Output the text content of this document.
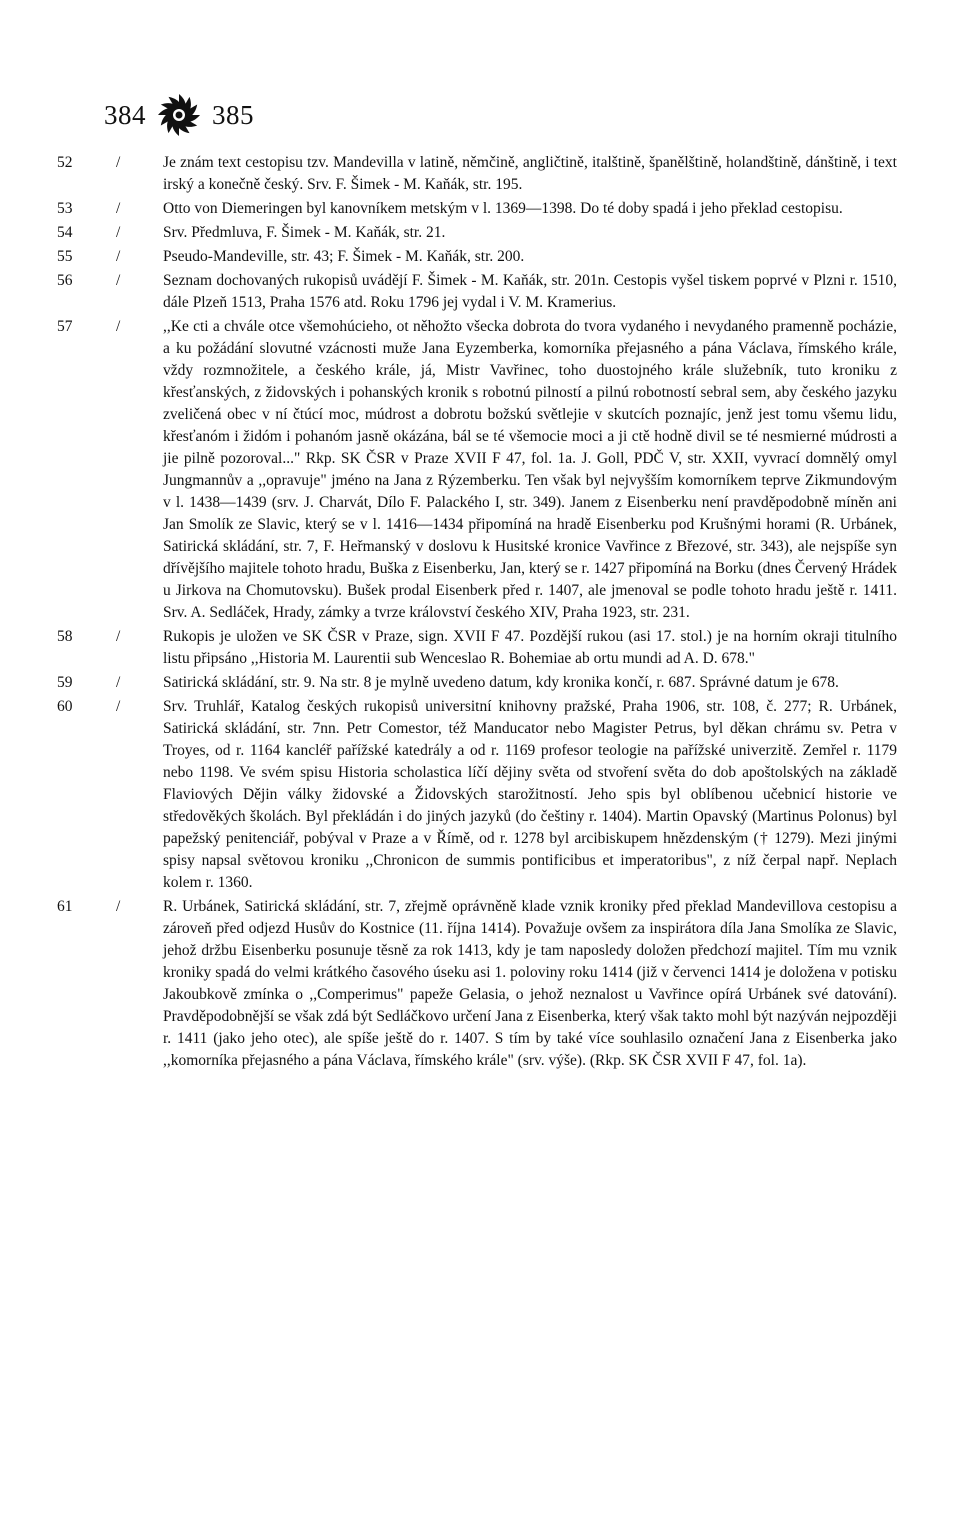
384 385
52	/	Je znám text cestopisu tzv. Mandevilla v latině, němčině, angličtině, italštině, španělštině, holandštině, dánštině, i text irský a konečně český. Srv. F. Šimek - M. Kaňák, str. 195.
53	/	Otto von Diemeringen byl kanovníkem metským v l. 1369—1398. Do té doby spadá i jeho překlad cestopisu.
54	/	Srv. Předmluva, F. Šimek - M. Kaňák, str. 21.
55	/	Pseudo-Mandeville, str. 43; F. Šimek - M. Kaňák, str. 200.
56	/	Seznam dochovaných rukopisů uvádějí F. Šimek - M. Kaňák, str. 201n. Cestopis vyšel tiskem poprvé v Plzni r. 1510, dále Plzeň 1513, Praha 1576 atd. Roku 1796 jej vydal i V. M. Kramerius.
57	/	,,Ke cti a chvále otce všemohúcieho, ot něhožto všecka dobrota do tvora vydaného i nevydaného pramenně pocházie, a ku požádání slovutné vzácnosti muže Jana Eyzemberka, komorníka přejasného a pána Václava, římského krále, vždy rozmnožitele, a českého krále, já, Mistr Vavřinec, toho duostojného krále služebník, tuto kroniku z křesťanských, z židovských i pohanských kronik s robotnú pilností a pilnú robotností sebral sem, aby českého jazyku zveličená obec v ní čtúcí moc, múdrost a dobrotu božskú světlejie v skutcích poznajíc, jenž jest tomu všemu lidu, křesťanóm i židóm i pohanóm jasně okázána, bál se té všemocie moci a ji ctě hodně divil se té nesmierné múdrosti a jie pilně pozoroval..." Rkp. SK ČSR v Praze XVII F 47, fol. 1a. J. Goll, PDČ V, str. XXII, vyvrací domnělý omyl Jungmannův a ,,opravuje" jméno na Jana z Rýzemberku. Ten však byl nejvyšším komorníkem teprve Zikmundovým v l. 1438—1439 (srv. J. Charvát, Dílo F. Palackého I, str. 349). Janem z Eisenberku není pravděpodobně míněn ani Jan Smolík ze Slavic, který se v l. 1416—1434 připomíná na hradě Eisenberku pod Krušnými horami (R. Urbánek, Satirická skládání, str. 7, F. Heřmanský v doslovu k Husitské kronice Vavřince z Březové, str. 343), ale nejspíše syn dřívějšího majitele tohoto hradu, Buška z Eisenberku, Jan, který se r. 1427 připomíná na Borku (dnes Červený Hrádek u Jirkova na Chomutovsku). Bušek prodal Eisenberk před r. 1407, ale jmenoval se podle tohoto hradu ještě r. 1411. Srv. A. Sedláček, Hrady, zámky a tvrze království českého XIV, Praha 1923, str. 231.
58	/	Rukopis je uložen ve SK ČSR v Praze, sign. XVII F 47. Pozdější rukou (asi 17. stol.) je na horním okraji titulního listu připsáno ,,Historia M. Laurentii sub Wenceslao R. Bohemiae ab ortu mundi ad A. D. 678."
59	/	Satirická skládání, str. 9. Na str. 8 je mylně uvedeno datum, kdy kronika končí, r. 687. Správné datum je 678.
60	/	Srv. Truhlář, Katalog českých rukopisů universitní knihovny pražské, Praha 1906, str. 108, č. 277; R. Urbánek, Satirická skládání, str. 7nn. Petr Comestor, též Manducator nebo Magister Petrus, byl děkan chrámu sv. Petra v Troyes, od r. 1164 kancléř pařížské katedrály a od r. 1169 profesor teologie na pařížské univerzitě. Zemřel r. 1179 nebo 1198. Ve svém spisu Historia scholastica líčí dějiny světa od stvoření světa do dob apoštolských na základě Flaviových Dějin války židovské a Židovských starožitností. Jeho spis byl oblíbenou učebnicí historie ve středověkých školách. Byl překládán i do jiných jazyků (do češtiny r. 1404). Martin Opavský (Martinus Polonus) byl papežský penitenciář, pobýval v Praze a v Římě, od r. 1278 byl arcibiskupem hnězdenským († 1279). Mezi jinými spisy napsal světovou kroniku ,,Chronicon de summis pontificibus et imperatoribus", z níž čerpal např. Neplach kolem r. 1360.
61	/	R. Urbánek, Satirická skládání, str. 7, zřejmě oprávněně klade vznik kroniky před překlad Mandevillova cestopisu a zároveň před odjezd Husův do Kostnice (11. října 1414). Považuje ovšem za inspirátora díla Jana Smolíka ze Slavic, jehož držbu Eisenberku posunuje těsně za rok 1413, kdy je tam naposledy doložen předchozí majitel. Tím mu vznik kroniky spadá do velmi krátkého časového úseku asi 1. poloviny roku 1414 (již v červenci 1414 je doložena v potisku Jakoubkově zmínka o ,,Comperimus" papeže Gelasia, o jehož neznalost u Vavřince opírá Urbánek své datování). Pravděpodobnější se však zdá být Sedláčkovo určení Jana z Eisenberka, který však takto mohl být nazýván nejpozději r. 1411 (jako jeho otec), ale spíše ještě do r. 1407. S tím by také více souhlasilo označení Jana z Eisenberka jako ,,komorníka přejasného a pána Václava, římského krále" (srv. výše). (Rkp. SK ČSR XVII F 47, fol. 1a).
